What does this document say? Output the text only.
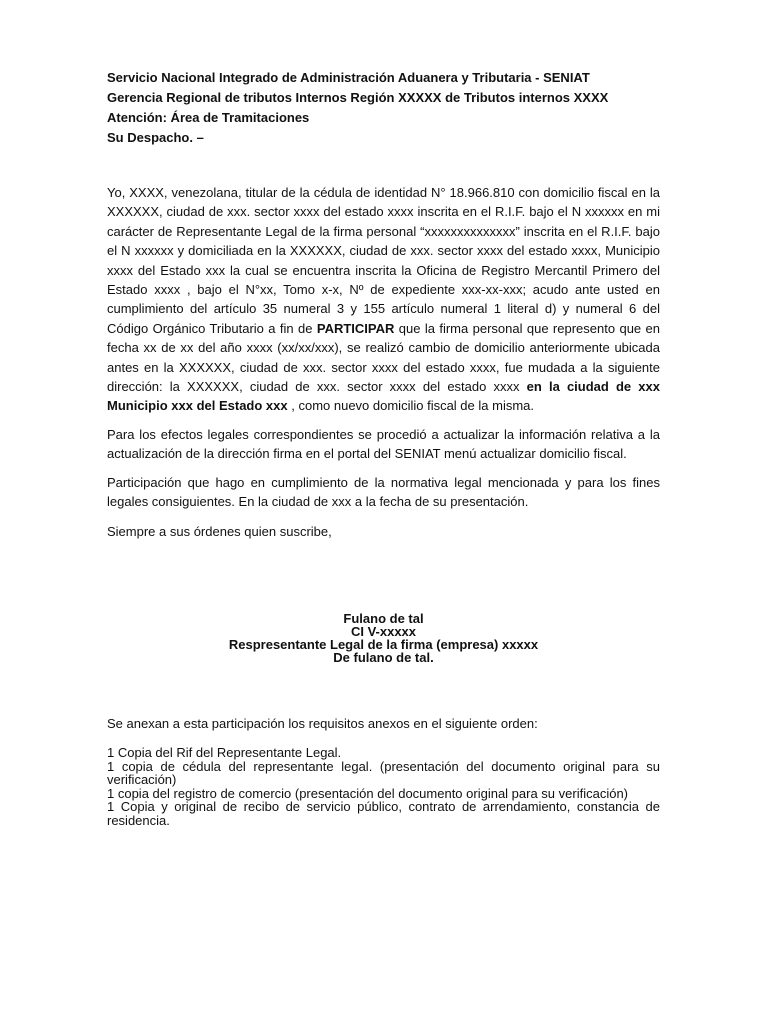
Servicio Nacional Integrado de Administración Aduanera y Tributaria - SENIAT
Gerencia Regional de tributos Internos Región XXXXX de Tributos internos XXXX
Atención: Área de Tramitaciones
Su Despacho. –

Yo, XXXX, venezolana, titular de la cédula de identidad N° 18.966.810 con domicilio fiscal en la XXXXXX, ciudad de xxx. sector xxxx del estado xxxx inscrita en el R.I.F. bajo el N xxxxxx en mi carácter de Representante Legal de la firma personal “xxxxxxxxxxxxxx” inscrita en el R.I.F. bajo el N xxxxxx y domiciliada en la XXXXXX, ciudad de xxx. sector xxxx del estado xxxx, Municipio xxxx del Estado xxx la cual se encuentra inscrita la Oficina de Registro Mercantil Primero del Estado xxxx , bajo el N°xx, Tomo x-x, Nº de expediente xxx-xx-xxx; acudo ante usted en cumplimiento del artículo 35 numeral 3 y 155 artículo numeral 1 literal d) y numeral 6 del Código Orgánico Tributario a fin de PARTICIPAR que la firma personal que represento que en fecha xx de xx del año xxxx (xx/xx/xxx), se realizó cambio de domicilio anteriormente ubicada antes en la XXXXXX, ciudad de xxx. sector xxxx del estado xxxx, fue mudada a la siguiente dirección: la XXXXXX, ciudad de xxx. sector xxxx del estado xxxx en la ciudad de xxx Municipio xxx del Estado xxx , como nuevo domicilio fiscal de la misma.

Para los efectos legales correspondientes se procedió a actualizar la información relativa a la actualización de la dirección firma en el portal del SENIAT menú actualizar domicilio fiscal.

Participación que hago en cumplimiento de la normativa legal mencionada y para los fines legales consiguientes. En la ciudad de xxx a la fecha de su presentación.

Siempre a sus órdenes quien suscribe,

Fulano de tal
CI V-xxxxx
Respresentante Legal de la firma (empresa) xxxxx
De fulano de tal.
Se anexan a esta participación los requisitos anexos en el siguiente orden:
1 Copia del Rif del Representante Legal.
1 copia de cédula del representante legal. (presentación del documento original para su verificación)
1 copia del registro de comercio (presentación del documento original para su verificación)
1 Copia y original de recibo de servicio público, contrato de arrendamiento, constancia de residencia.
